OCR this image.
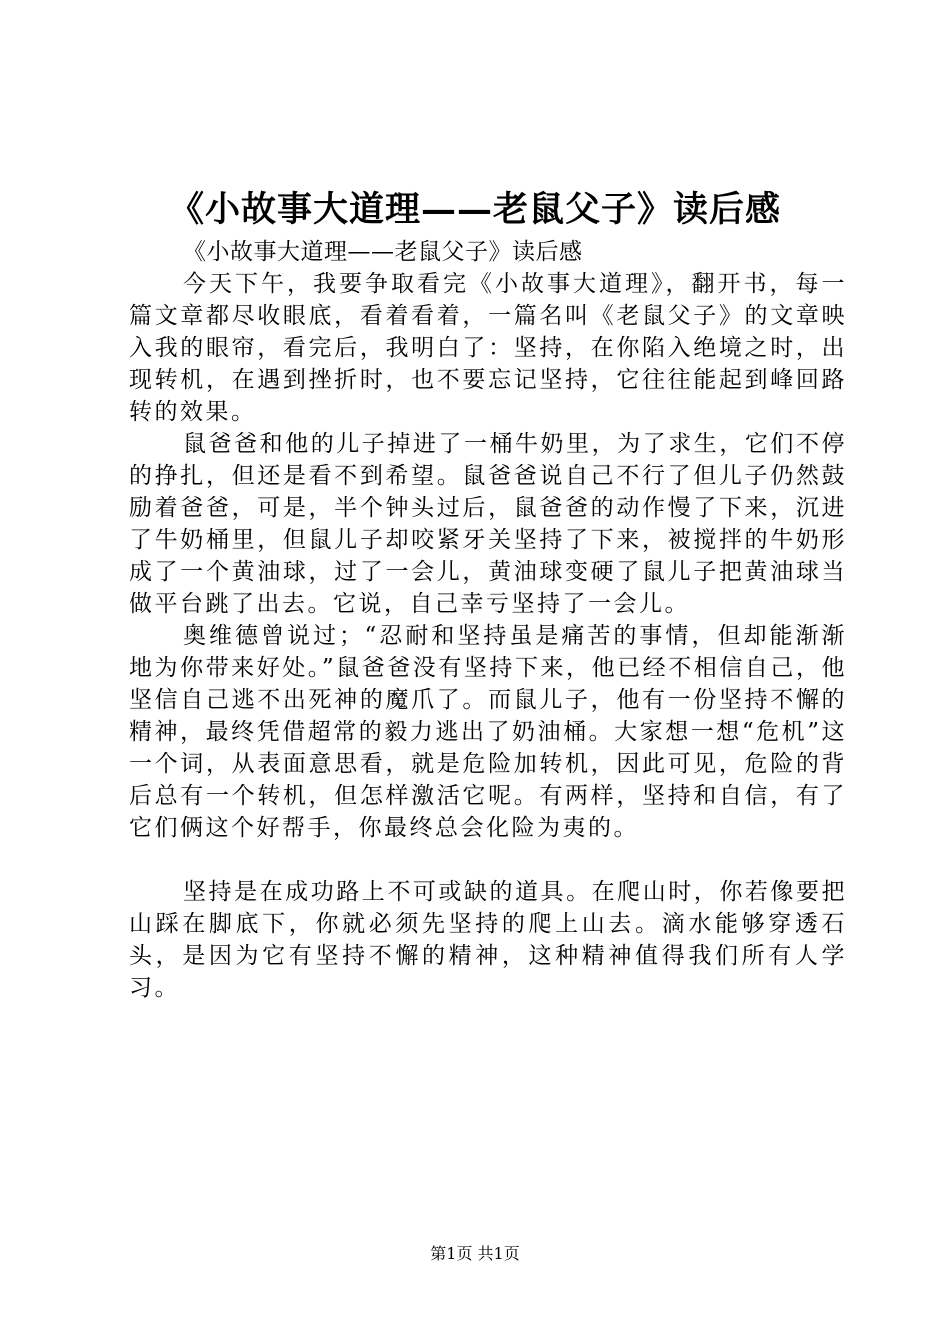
《小故事大道理——老鼠父子》读后感

《小故事大道理——老鼠父子》读后感

今天下午，我要争取看完《小故事大道理》，翻开书，每一篇文章都尽收眼底，看着看着，一篇名叫《老鼠父子》的文章映入我的眼帘，看完后，我明白了：坚持，在你陷入绝境之时，出现转机，在遇到挫折时，也不要忘记坚持，它往往能起到峰回路转的效果。

鼠爸爸和他的儿子掉进了一桶牛奶里，为了求生，它们不停的挣扎，但还是看不到希望。鼠爸爸说自己不行了但儿子仍然鼓励着爸爸，可是，半个钟头过后，鼠爸爸的动作慢了下来，沉进了牛奶桶里，但鼠儿子却咬紧牙关坚持了下来，被搅拌的牛奶形成了一个黄油球，过了一会儿，黄油球变硬了鼠儿子把黄油球当做平台跳了出去。它说，自己幸亏坚持了一会儿。

奥维德曾说过；“忍耐和坚持虽是痛苦的事情，但却能渐渐地为你带来好处。”鼠爸爸没有坚持下来，他已经不相信自己，他坚信自己逃不出死神的魔爪了。而鼠儿子，他有一份坚持不懈的精神，最终凭借超常的毅力逃出了奶油桶。大家想一想“危机”这一个词，从表面意思看，就是危险加转机，因此可见，危险的背后总有一个转机，但怎样激活它呢。有两样，坚持和自信，有了它们俩这个好帮手，你最终总会化险为夷的。

坚持是在成功路上不可或缺的道具。在爬山时，你若像要把山踩在脚底下，你就必须先坚持的爬上山去。滴水能够穿透石头，是因为它有坚持不懈的精神，这种精神值得我们所有人学习。

第1页 共1页
